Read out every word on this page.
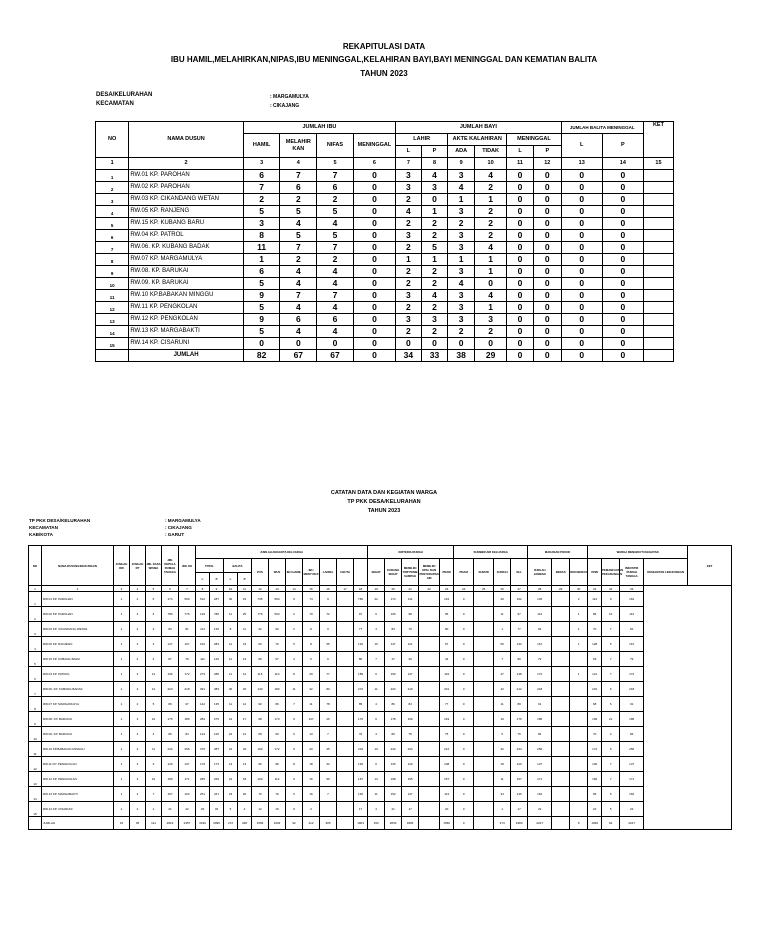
REKAPITULASI DATA
IBU HAMIL,MELAHIRKAN,NIPAS,IBU MENINGGAL,KELAHIRAN BAYI,BAYI MENINGGAL DAN KEMATIAN BALITA
TAHUN 2023
DESA/KELURAHAN	: MARGAMULYA
KECAMATAN	: CIKAJANG
NO	NAMA DUSUN	JUMLAH IBU				JUMLAH BAYI						JUMLAH BALITA MENINGGAL		KET
		HAMIL	MELAHIR KAN	NIFAS	MENINGGAL	LAHIR		AKTE KALAHIRAN		MENINGGAL		L	P	
						L	P	ADA	TIDAK	L	P			
1	2	3	4	5	6	7	8	9	10	11	12	13	14	15
1	RW.01 KP. PAROHAN	6	7	7	0	3	4	3	4	0	0	0	0	
2	RW.02 KP. PAROHAN	7	6	6	0	3	3	4	2	0	0	0	0	
3	RW.03 KP. CIKANDANG WETAN	2	2	2	0	2	0	1	1	0	0	0	0	
4	RW.05 KP. RANJENG	5	5	5	0	4	1	3	2	0	0	0	0	
5	RW.15 KP. KUBANG BARU	3	4	4	0	2	2	2	2	0	0	0	0	
6	RW.04 KP. PATROL	8	5	5	0	3	2	3	2	0	0	0	0	
7	RW.06. KP. KUBANG BADAK	11	7	7	0	2	5	3	4	0	0	0	0	
8	RW.07 KP. MARGAMULYA	1	2	2	0	1	1	1	1	0	0	0	0	
9	RW.08. KP. BARUKAI	6	4	4	0	2	2	3	1	0	0	0	0	
10	RW.09. KP. BARUKAI	5	4	4	0	2	2	4	0	0	0	0	0	
11	RW.10 KP.BABAKAN MINGGU	9	7	7	0	3	4	3	4	0	0	0	0	
12	RW.11 KP. PENGKOLAN	5	4	4	0	2	2	3	1	0	0	0	0	
13	RW.12 KP. PENGKOLAN	9	6	6	0	3	3	3	3	0	0	0	0	
14	RW.13 KP. MARGABAKTI	5	4	4	0	2	2	2	2	0	0	0	0	
15	RW.14 KP. CISARUNI	0	0	0	0	0	0	0	0	0	0	0	0	
	JUMLAH	82	67	67	0	34	33	38	29	0	0	0	0	
CATATAN DATA DAN KEGIATAN WARGA
TP PKK DESA/KELURAHAN
TAHUN 2023
TP PKK DESA/KELURAHAN	: MARGAMULYA
KECAMATAN	: CIKAJANG
KAB/KOTA	: GARUT
NO	NAMA DUSUN/LINGKUNGAN	JUMLAH RW	JUMLAH RT	JML DASA WISMA	JML KEPALA RUMAH TANGGA	JML KK	JUMLAH ANGGOTA KELUARGA											KRITERIA RUMAH					SUMBER AIR KELUARGA				MAKANAN POKOK			WARGA MENGIKUTI KEGIATAN				KET
							TOTAL		BALITA		PUS	WUS	IBU HAMIL	IBU MENYUSUI	LANSIA	3 BUTA		SEHAT	KURANG SEHAT	MEMILIKI TMP PEMB SAMPAH	MEMILIKI SPAL DAN PENYERAPAN AIR	PRAM	PDAM	SUMUR	SUNGAI	DLL	JUMLAH JAMBAN	BERAS	NON BERAS	UP2K	PEMANFAATAN PEKARANGAN	INDUSTRI RUMAH TANGGA	KESEHATAN LINGKUNGAN	
							L	P	L	P																								
1	2	3	4	5	6	7	8	9	10	11	12	13	14	15	16	17	18	19	20	21	22	23	24	25	26	27	28	29	30	31	32	33		
1	RW.01 KP. PAROHAN	1	2	6	174	500	512	287	30	15	735	593	6	74	9		782	22	174	111		134	0		29	162	145		2	113	9	181		
2	RW.02 KP. PAROHAN	1	2	6	786	775	149	780	11	25	776	593	2	70	72		97	6	106	98		95	0		11	97	113		1	86	10	113		
3	RW.03 KP. CIKANDANG WETAN	1	2	3	83	81	114	130	8	11	32	90	2	8	0		77	4	83	76		80	0		1	77	93		1	70	7	81		
4	RW.05 KP. RANJENG	1	2	4	147	167	162	283	11	19	66	70	5	8	55		132	15	147	121		97	0		56	132	167		1	128	5	167		
5	RW.15 KP. KUBANG BARU	1	2	4	87	79	111	120	11	13	99	97	3	6	6		80	7	47	40		44	0		7	80	79			63	7	79		
6	RW.04 KP. PATROL	1	3	12	196	172	273	286	11	12	115	110	8	20	77		189	6	150	147		119	0		47	148	172		1	121	7	172		
7	RW.06. KP. KUBANG BADAK	1	3	12	223	218	391	383	30	32	130	183	11	32	80		272	11	223	210		201	0		42	212	218			201	6	218		
8	RW.07 KP. MARGAMULYA	1	2	5	89	97	142	135	11	12	90	89	7	11	78		85	4	89	84		77	0		11	80	91			68	6	91		
9	RW.08. KP. BARUKAI	1	3	10	176	186	284	275	31	17	98	173	6	137	26		170	6	178	169		149	0		19	176	185			169	21	185		
10	RW.09. KP. BARUKAI	1	2	4	80	84	124	125	22	12	68	69	6	13	7		76	4	80	75		75	0		5	76	84			70	4	84		
11	RW.10 KP.BABAKAN MINGGU	1	3	11	244	256	376	387	31	34	190	172	9	20	35		234	10	244	234		212	0		32	234	256			172	6	256		
12	RW.11 KP. PENGKOLAN	1	3	9	126	137	176	173	13	13	96	98	8	18	32		120	6	126	120		108	0		18	120	137			100	7	137		
13	RW.12 KP. PENGKOLAN	1	3	10	180	171	265	269	31	18	100	112	9	16	96		167	13	168	165		157	0		11	167	171			160	7	171		
14	RW.13 KP. MARGABAKTI	1	2	7	157	162	251	247	23	20	70	79	5	16	7		146	11	152	147		113	0		34	146	162			95	6	162		
15	RW.14 KP. CISARUNI	1	2	1	21	22	33	32	5	4	12	16	0	3			17	4	21	17		20	0		1	17	22			22	5	22		
	JUMLAH	15	35	114	2819	2357	3199	3099	272	328	1596	1603	92	412	305		1903	153	2053	1884		1560	0		374	1983	2227		6	1936	94	2227		
